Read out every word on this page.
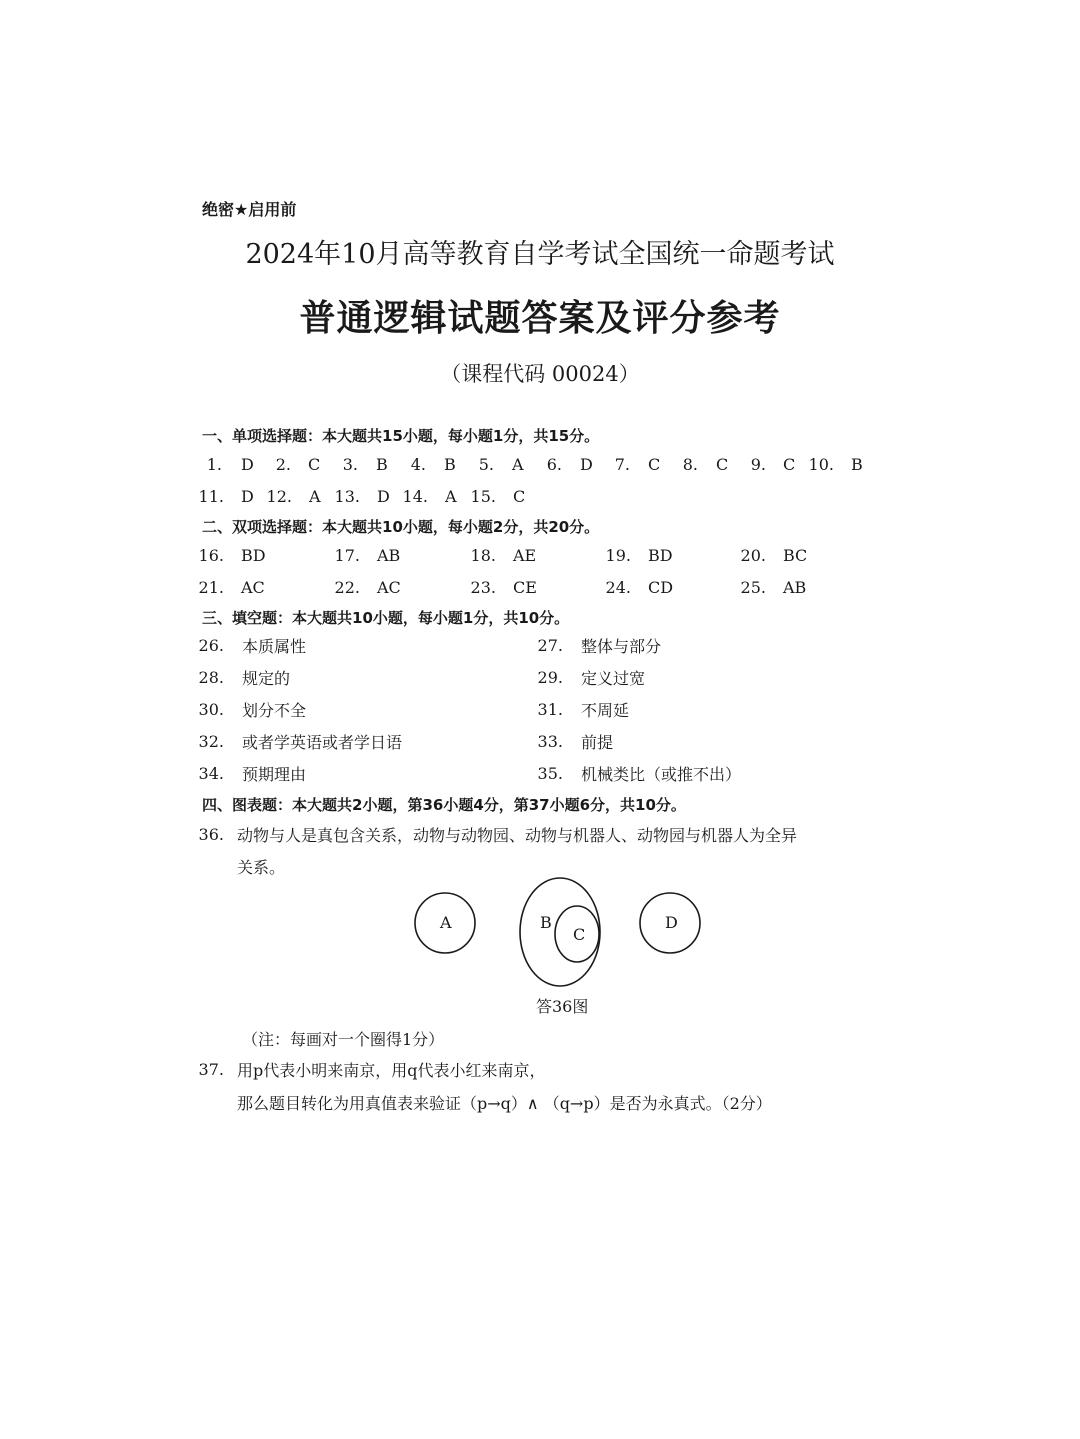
绝密★启用前
2024年10月高等教育自学考试全国统一命题考试
普通逻辑试题答案及评分参考
（课程代码 00024）
一、单项选择题：本大题共15小题，每小题1分，共15分。
1. D	2. C	3. B	4. B	5. A	6. D	7. C	8. C	9. C 10. B
11. D 12. A 13. D 14. A 15. C
二、双项选择题：本大题共10小题，每小题2分，共20分。
16. BD	17. AB	18. AE	19. BD	20. BC
21. AC	22. AC	23. CE	24. CD	25. AB
三、填空题：本大题共10小题，每小题1分，共10分。
26. 本质属性	27. 整体与部分
28. 规定的	29. 定义过宽
30. 划分不全	31. 不周延
32. 或者学英语或者学日语	33. 前提
34. 预期理由	35. 机械类比（或推不出）
四、图表题：本大题共2小题，第36小题4分，第37小题6分，共10分。
36. 动物与人是真包含关系，动物与动物园、动物与机器人、动物园与机器人为全异
关系。
A	B
C
D
答36图
（注：每画对一个圈得1分）
37. 用p代表小明来南京，用q代表小红来南京，
那么题目转化为用真值表来验证（p→q）∧ （q→p）是否为永真式。（2分）
